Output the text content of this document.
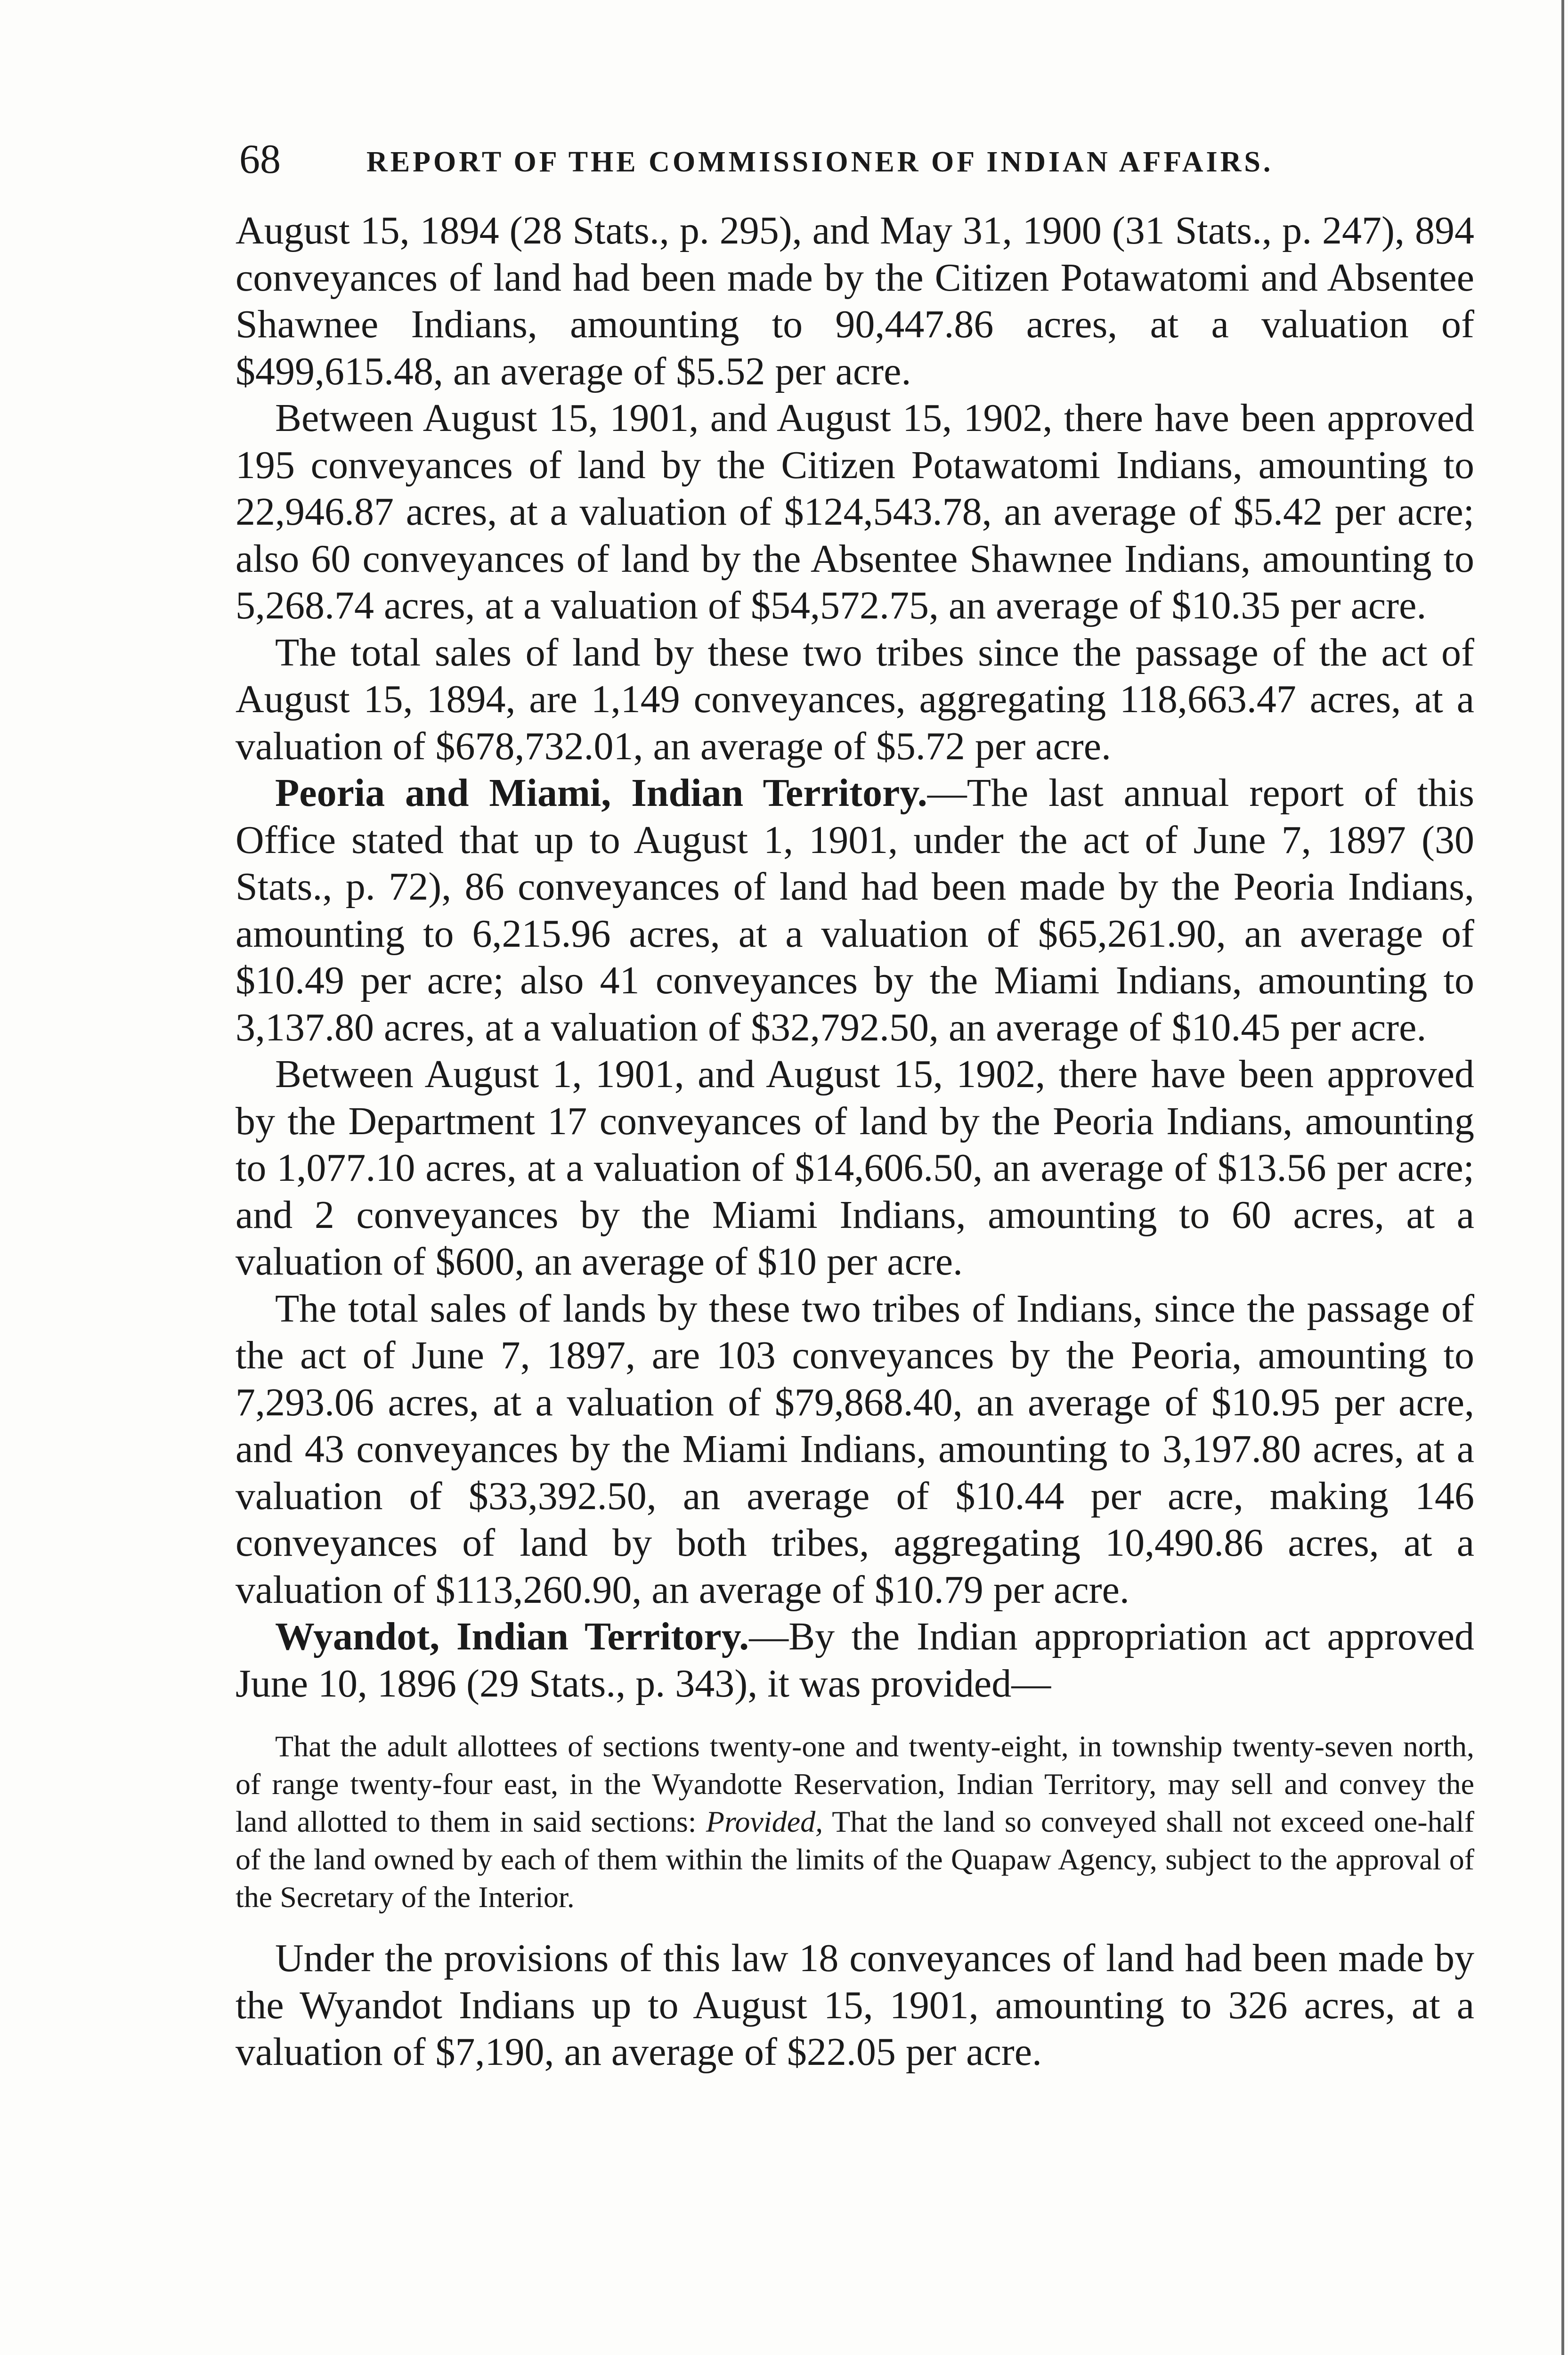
68	REPORT OF THE COMMISSIONER OF INDIAN AFFAIRS.

August 15, 1894 (28 Stats., p. 295), and May 31, 1900 (31 Stats., p. 247), 894 conveyances of land had been made by the Citizen Potawatomi and Absentee Shawnee Indians, amounting to 90,447.86 acres, at a valuation of $499,615.48, an average of $5.52 per acre.

Between August 15, 1901, and August 15, 1902, there have been approved 195 conveyances of land by the Citizen Potawatomi Indians, amounting to 22,946.87 acres, at a valuation of $124,543.78, an average of $5.42 per acre; also 60 conveyances of land by the Absentee Shawnee Indians, amounting to 5,268.74 acres, at a valuation of $54,572.75, an average of $10.35 per acre.

The total sales of land by these two tribes since the passage of the act of August 15, 1894, are 1,149 conveyances, aggregating 118,663.47 acres, at a valuation of $678,732.01, an average of $5.72 per acre.

Peoria and Miami, Indian Territory.—The last annual report of this Office stated that up to August 1, 1901, under the act of June 7, 1897 (30 Stats., p. 72), 86 conveyances of land had been made by the Peoria Indians, amounting to 6,215.96 acres, at a valuation of $65,261.90, an average of $10.49 per acre; also 41 conveyances by the Miami Indians, amounting to 3,137.80 acres, at a valuation of $32,792.50, an average of $10.45 per acre.

Between August 1, 1901, and August 15, 1902, there have been approved by the Department 17 conveyances of land by the Peoria Indians, amounting to 1,077.10 acres, at a valuation of $14,606.50, an average of $13.56 per acre; and 2 conveyances by the Miami Indians, amounting to 60 acres, at a valuation of $600, an average of $10 per acre.

The total sales of lands by these two tribes of Indians, since the passage of the act of June 7, 1897, are 103 conveyances by the Peoria, amounting to 7,293.06 acres, at a valuation of $79,868.40, an average of $10.95 per acre, and 43 conveyances by the Miami Indians, amounting to 3,197.80 acres, at a valuation of $33,392.50, an average of $10.44 per acre, making 146 conveyances of land by both tribes, aggregating 10,490.86 acres, at a valuation of $113,260.90, an average of $10.79 per acre.

Wyandot, Indian Territory.—By the Indian appropriation act approved June 10, 1896 (29 Stats., p. 343), it was provided—

That the adult allottees of sections twenty-one and twenty-eight, in township twenty-seven north, of range twenty-four east, in the Wyandotte Reservation, Indian Territory, may sell and convey the land allotted to them in said sections: Provided, That the land so conveyed shall not exceed one-half of the land owned by each of them within the limits of the Quapaw Agency, subject to the approval of the Secretary of the Interior.

Under the provisions of this law 18 conveyances of land had been made by the Wyandot Indians up to August 15, 1901, amounting to 326 acres, at a valuation of $7,190, an average of $22.05 per acre.
